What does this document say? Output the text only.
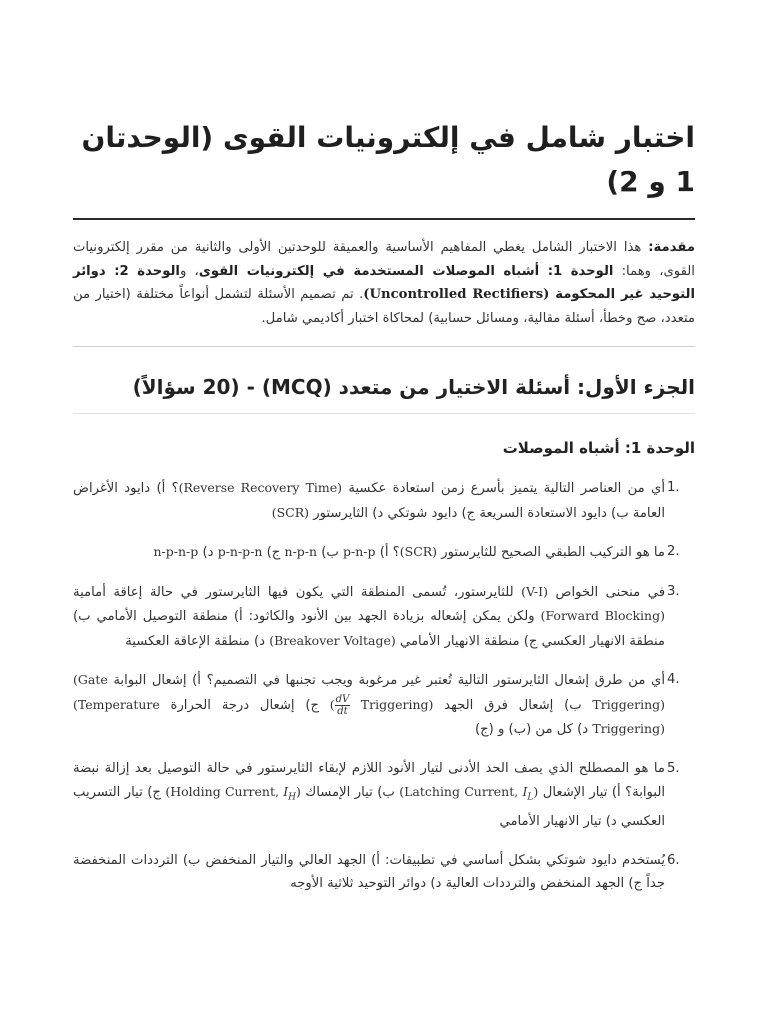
اختبار شامل في إلكترونيات القوى (الوحدتان 1 و 2)

مقدمة: هذا الاختبار الشامل يغطي المفاهيم الأساسية والعميقة للوحدتين الأولى والثانية من مقرر إلكترونيات القوى، وهما: الوحدة 1: أشباه الموصلات المستخدمة في إلكترونيات القوى، والوحدة 2: دوائر التوحيد غير المحكومة (Uncontrolled Rectifiers). تم تصميم الأسئلة لتشمل أنواعاً مختلفة (اختيار من متعدد، صح وخطأ، أسئلة مقالية، ومسائل حسابية) لمحاكاة اختبار أكاديمي شامل.

الجزء الأول: أسئلة الاختيار من متعدد (MCQ) - (20 سؤالاً)
الوحدة 1: أشباه الموصلات
1.
أي من العناصر التالية يتميز بأسرع زمن استعادة عكسية (Reverse Recovery Time)؟ أ) دايود الأغراض العامة ب) دايود الاستعادة السريعة ج) دايود شوتكي د) الثايرستور (SCR)
2.
ما هو التركيب الطبقي الصحيح للثايرستور (SCR)؟ أ) p-n-p ب) n-p-n ج) p-n-p-n د) n-p-n-p
3.
في منحنى الخواص (V-I) للثايرستور، تُسمى المنطقة التي يكون فيها الثايرستور في حالة إعاقة أمامية (Forward Blocking) ولكن يمكن إشعاله بزيادة الجهد بين الأنود والكاثود: أ) منطقة التوصيل الأمامي ب) منطقة الانهيار العكسي ج) منطقة الانهيار الأمامي (Breakover Voltage) د) منطقة الإعاقة العكسية
4.
أي من طرق إشعال الثايرستور التالية تُعتبر غير مرغوبة ويجب تجنبها في التصميم؟ أ) إشعال البوابة (Gate Triggering) ب) إشعال فرق الجهد ( $\frac{dV}{dt}$ Triggering) ج) إشعال درجة الحرارة (Temperature Triggering) د) كل من (ب) و (ج)
5.
ما هو المصطلح الذي يصف الحد الأدنى لتيار الأنود اللازم لإبقاء الثايرستور في حالة التوصيل بعد إزالة نبضة البوابة؟ أ) تيار الإشعال (Latching Current, $I_L$) ب) تيار الإمساك (Holding Current, $I_H$) ج) تيار التسريب العكسي د) تيار الانهيار الأمامي
6.
يُستخدم دايود شوتكي بشكل أساسي في تطبيقات: أ) الجهد العالي والتيار المنخفض ب) الترددات المنخفضة جداً ج) الجهد المنخفض والترددات العالية د) دوائر التوحيد ثلاثية الأوجه
